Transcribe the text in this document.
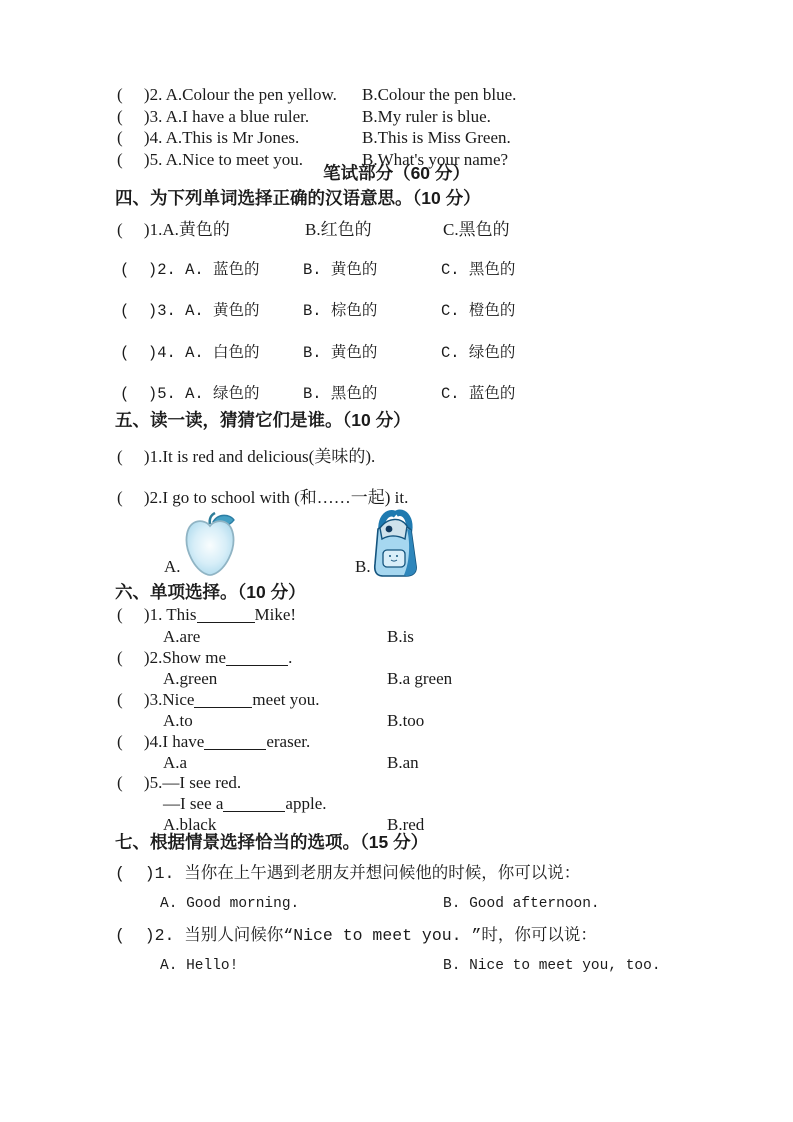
(     )2. A.Colour the pen yellow. B.Colour the pen blue.
(     )3. A.I have a blue ruler.	B.My ruler is blue.
(     )4. A.This is Mr Jones.	B.This is Miss Green.
(     )5. A.Nice to meet you.	B.What's your name?
笔试部分（60 分）
四、为下列单词选择正确的汉语意思。（10 分）
(     )1.A.黄色的	B.红色的	C.黑色的
(  )2. A. 蓝色的	B. 黄色的	C. 黑色的
(  )3. A. 黄色的	B. 棕色的	C. 橙色的
(  )4. A. 白色的	B. 黄色的	C. 绿色的
(  )5. A. 绿色的	B. 黑色的	C. 蓝色的
五、读一读，猜猜它们是谁。（10 分）
(     )1.It is red and delicious(美味的).
(     )2.I go to school with (和……一起) it.
A.	B.
六、单项选择。（10 分）
(     )1. This	Mike!
A.are	B.is
(     )2.Show me	.
A.green	B.a green
(     )3.Nice	meet you.
A.to	B.too
(     )4.I have	eraser.
A.a	B.an
(     )5.—I see red.
—I see a	apple.
A.black	B.red
七、根据情景选择恰当的选项。（15 分）
(  )1. 当你在上午遇到老朋友并想问候他的时候，你可以说：
A. Good morning.	B. Good afternoon.
(  )2. 当别人问候你“Nice to meet you. ”时，你可以说：
A. Hello!	B. Nice to meet you, too.
